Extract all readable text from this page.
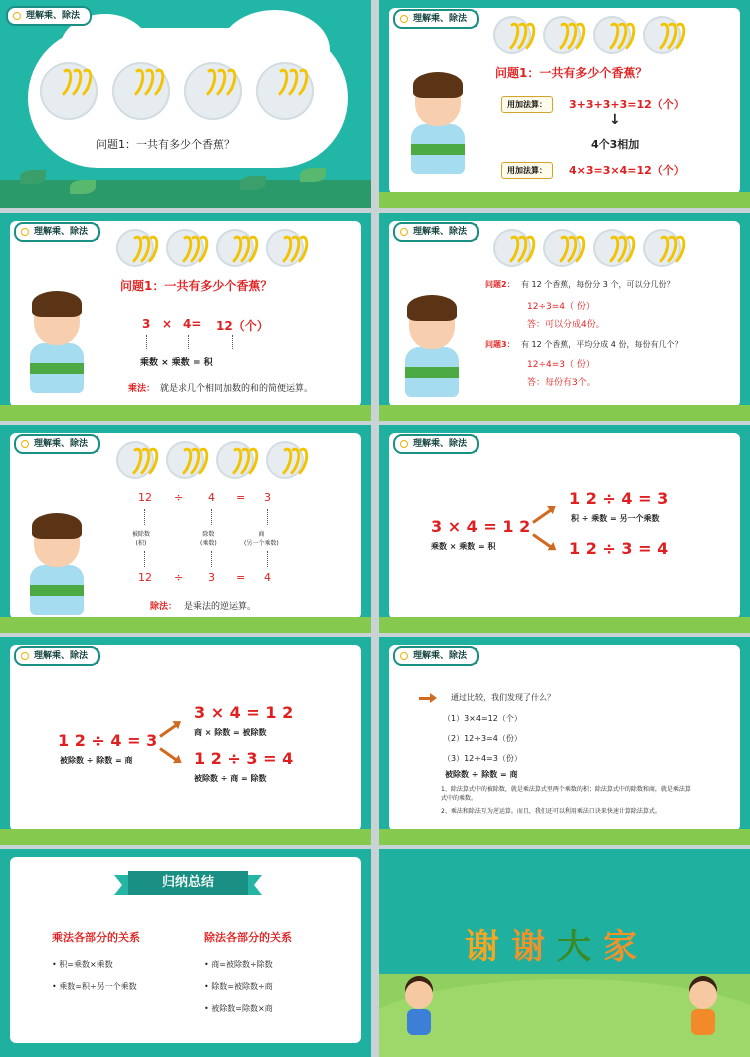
理解乘、除法
问题1：一共有多少个香蕉？
理解乘、除法
问题1：一共有多少个香蕉？
用加法算：	3+3+3+3=12（个）
↓
4个3相加
用加法算：	4×3=3×4=12（个）
理解乘、除法
问题1：一共有多少个香蕉？
3 × 4= 12（个）
乘数 × 乘数 = 积
乘法： 就是求几个相同加数的和的简便运算。
理解乘、除法
问题2： 有 12 个香蕉，每份分 3 个，可以分几份？
12÷3=4（ 份）
答：可以分成4份。
问题3： 有 12 个香蕉，平均分成 4 份，每份有几个？
12÷4=3（ 份）
答：每份有3个。
理解乘、除法
12 ÷ 4 = 3
被除数
(积)
除数
(乘数)
商
(另一个乘数)
12 ÷ 3 = 4
除法： 是乘法的逆运算。
理解乘、除法
3 × 4 = 1 2
乘数 × 乘数 = 积
1 2 ÷ 4 = 3
积 ÷ 乘数 = 另一个乘数
1 2 ÷ 3 = 4
理解乘、除法
1 2 ÷ 4 = 3
被除数 ÷ 除数 = 商
3 × 4 = 1 2
商 × 除数 = 被除数
1 2 ÷ 3 = 4
被除数 ÷ 商 = 除数
理解乘、除法
通过比较，我们发现了什么？
（1）3×4=12（个）
（2）12÷3=4（份）
（3）12÷4=3（份）
被除数 ÷ 除数 = 商
1、除法算式中的被除数，就是乘法算式里两个乘数的积；除法算式中的除数和商，就是乘法算式中的乘数。
2、乘法和除法互为逆运算。而且，我们还可以利用乘法口诀来快速计算除法算式。
归纳总结
乘法各部分的关系
• 积=乘数×乘数
• 乘数=积÷另一个乘数
除法各部分的关系
• 商=被除数÷除数
• 除数=被除数÷商
• 被除数=除数×商
谢 谢 大 家
